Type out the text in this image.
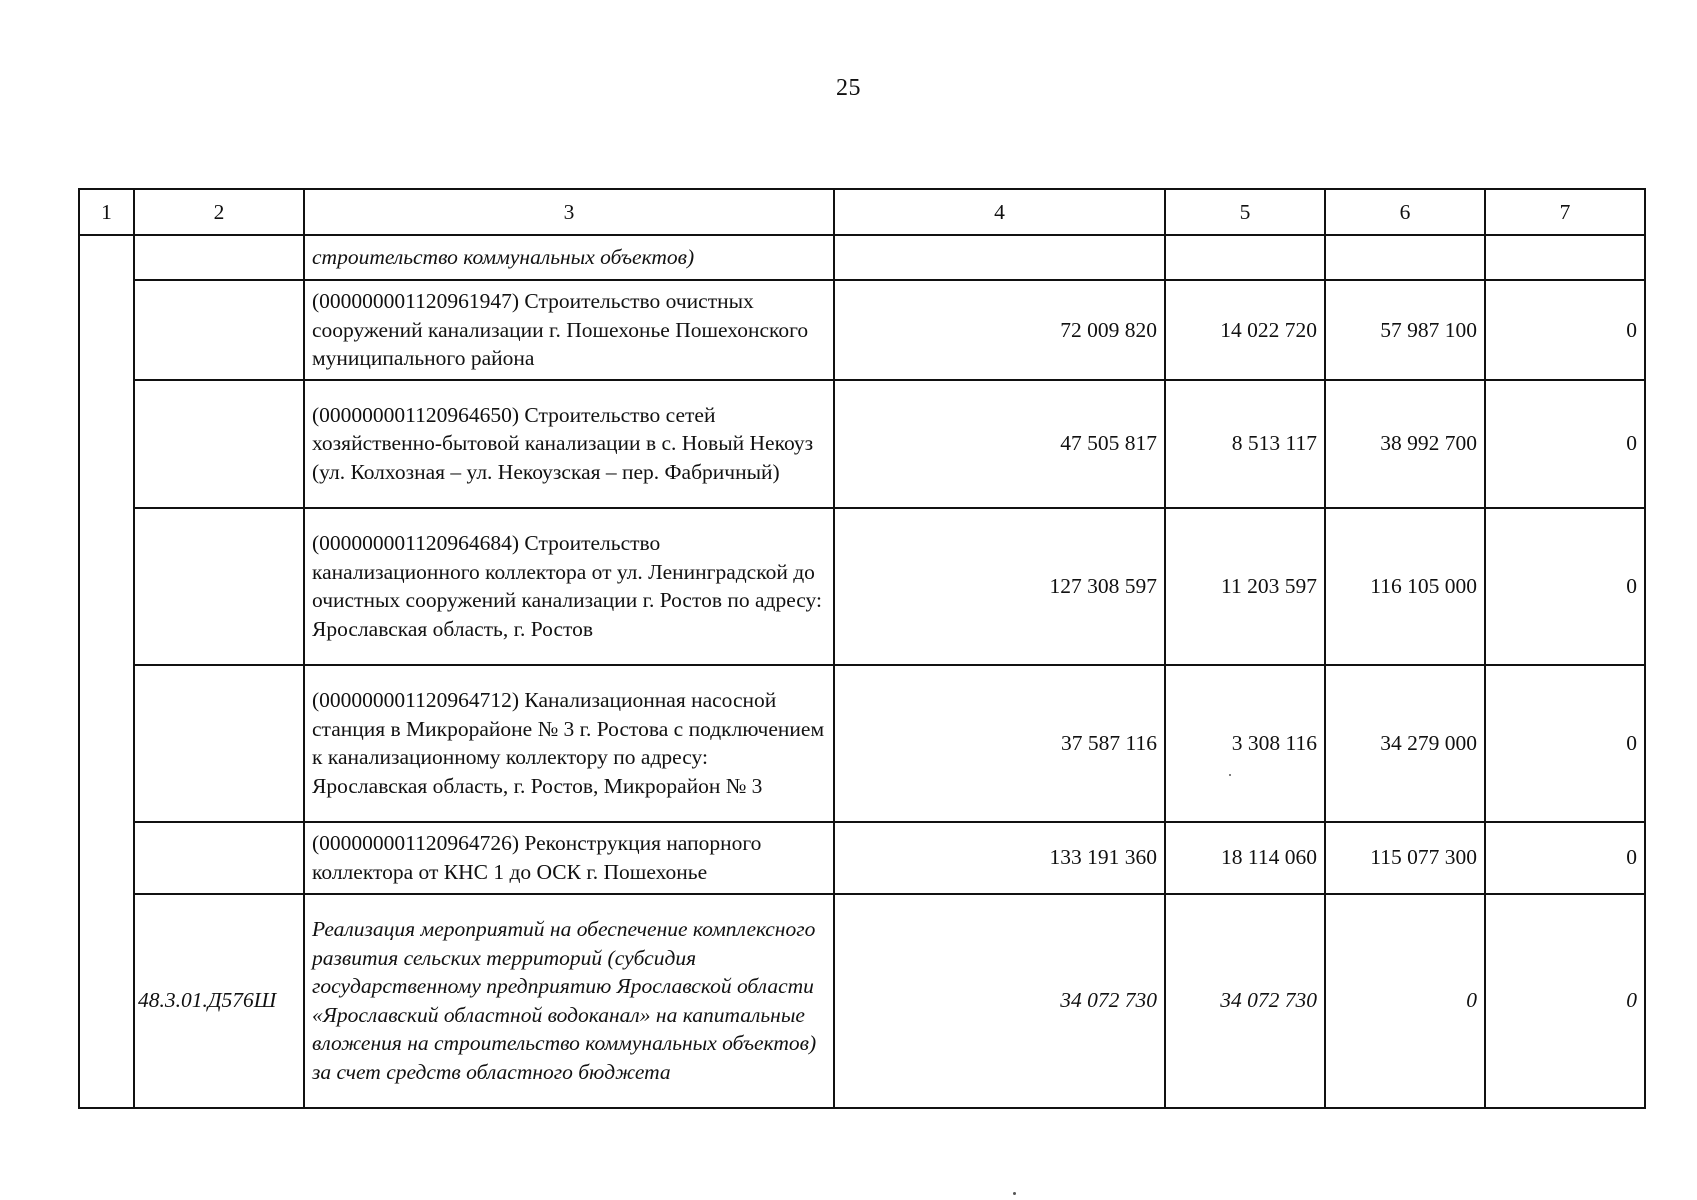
25
1	2	3	4	5	6	7
		строительство коммунальных объектов)				
		(000000001120961947) Строительство очистных сооружений канализации г. Пошехонье Пошехонского муниципального района	72 009 820	14 022 720	57 987 100	0
		(000000001120964650) Строительство сетей хозяйственно-бытовой канализации в с. Новый Некоуз (ул. Колхозная – ул. Некоузская – пер. Фабричный)	47 505 817	8 513 117	38 992 700	0
		(000000001120964684) Строительство канализационного коллектора от ул. Ленинградской до очистных сооружений канализации г. Ростов по адресу: Ярославская область, г. Ростов	127 308 597	11 203 597	116 105 000	0
		(000000001120964712) Канализационная насосной станция в Микрорайоне № 3 г. Ростова с подключением к канализационному коллектору по адресу: Ярославская область, г. Ростов, Микрорайон № 3	37 587 116	3 308 116	34 279 000	0
		(000000001120964726) Реконструкция напорного коллектора от КНС 1 до ОСК г. Пошехонье	133 191 360	18 114 060	115 077 300	0
	48.3.01.Д576Ш	Реализация мероприятий на обеспечение комплексного развития сельских территорий (субсидия государственному предприятию Ярославской области «Ярославский областной водоканал» на капитальные вложения на строительство коммунальных объектов) за счет средств областного бюджета	34 072 730	34 072 730	0	0
